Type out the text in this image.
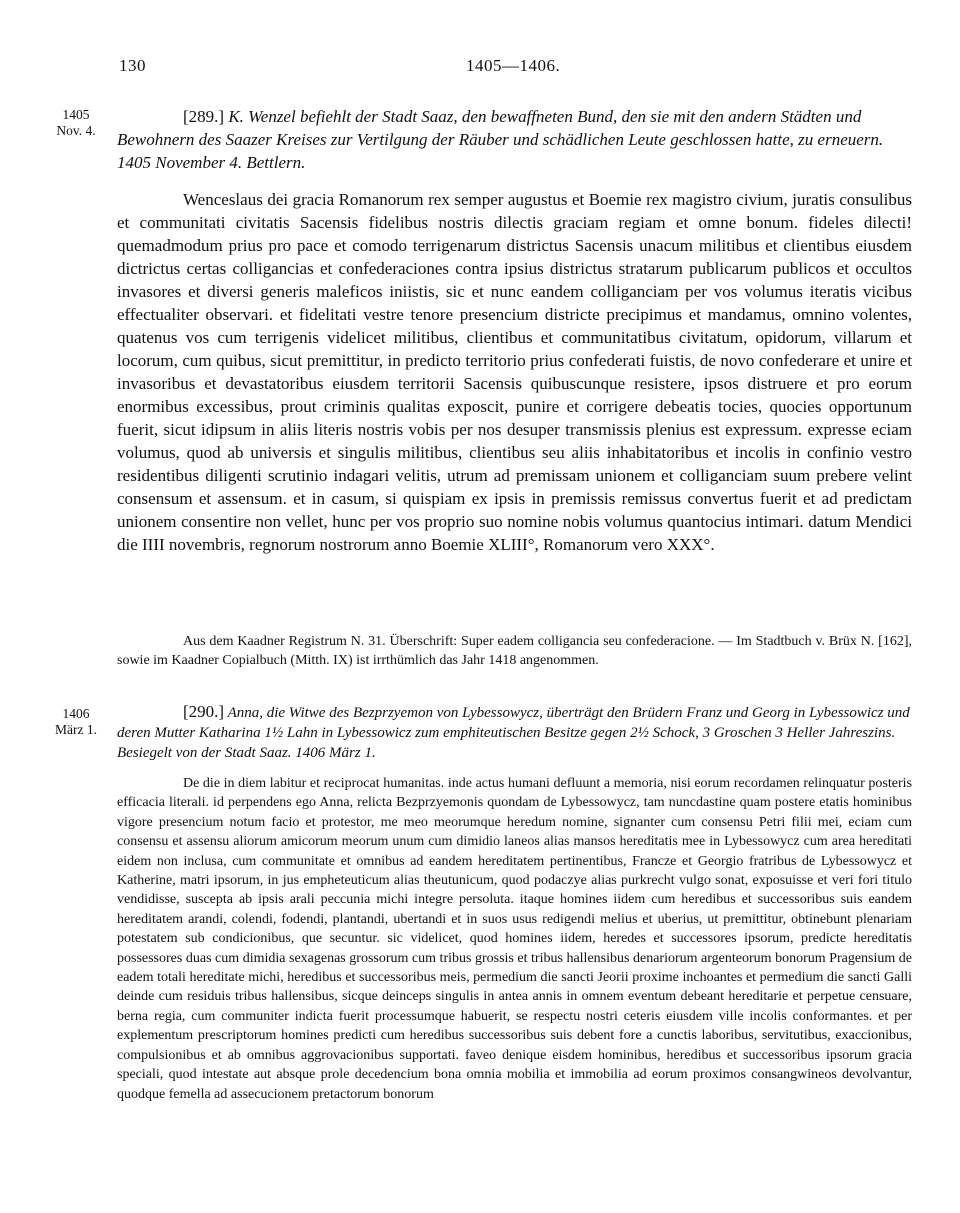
130	1405—1406.
1405
Nov. 4.
[289.] K. Wenzel befiehlt der Stadt Saaz, den bewaffneten Bund, den sie mit den andern Städten und Bewohnern des Saazer Kreises zur Vertilgung der Räuber und schädlichen Leute geschlossen hatte, zu erneuern. 1405 November 4. Bettlern.
Wenceslaus dei gracia Romanorum rex semper augustus et Boemie rex magistro civium, juratis consulibus et communitati civitatis Sacensis fidelibus nostris dilectis graciam regiam et omne bonum. fideles dilecti! quemadmodum prius pro pace et comodo terrigenarum districtus Sacensis unacum militibus et clientibus eiusdem dictrictus certas colligancias et confederaciones contra ipsius districtus stratarum publicarum publicos et occultos invasores et diversi generis maleficos iniistis, sic et nunc eandem colliganciam per vos volumus iteratis vicibus effectualiter observari. et fidelitati vestre tenore presencium districte precipimus et mandamus, omnino volentes, quatenus vos cum terrigenis videlicet militibus, clientibus et communitatibus civitatum, opidorum, villarum et locorum, cum quibus, sicut premittitur, in predicto territorio prius confederati fuistis, de novo confederare et unire et invasoribus et devastatoribus eiusdem territorii Sacensis quibuscunque resistere, ipsos distruere et pro eorum enormibus excessibus, prout criminis qualitas exposcit, punire et corrigere debeatis tocies, quocies opportunum fuerit, sicut idipsum in aliis literis nostris vobis per nos desuper transmissis plenius est expressum. expresse eciam volumus, quod ab universis et singulis militibus, clientibus seu aliis inhabitatoribus et incolis in confinio vestro residentibus diligenti scrutinio indagari velitis, utrum ad premissam unionem et colliganciam suum prebere velint consensum et assensum. et in casum, si quispiam ex ipsis in premissis remissus convertus fuerit et ad predictam unionem consentire non vellet, hunc per vos proprio suo nomine nobis volumus quantocius intimari. datum Mendici die IIII novembris, regnorum nostrorum anno Boemie XLIII°, Romanorum vero XXX°.
Aus dem Kaadner Registrum N. 31. Überschrift: Super eadem colligancia seu confederacione. — Im Stadtbuch v. Brüx N. [162], sowie im Kaadner Copialbuch (Mitth. IX) ist irrthümlich das Jahr 1418 angenommen.
1406
März 1.
[290.] Anna, die Witwe des Bezprzyemon von Lybessowycz, überträgt den Brüdern Franz und Georg in Lybessowicz und deren Mutter Katharina 1½ Lahn in Lybessowicz zum emphiteutischen Besitze gegen 2½ Schock, 3 Groschen 3 Heller Jahreszins. Besiegelt von der Stadt Saaz. 1406 März 1.
De die in diem labitur et reciprocat humanitas. inde actus humani defluunt a memoria, nisi eorum recordamen relinquatur posteris efficacia literali. id perpendens ego Anna, relicta Bezprzyemonis quondam de Lybessowycz, tam nuncdastine quam postere etatis hominibus vigore presencium notum facio et protestor, me meo meorumque heredum nomine, signanter cum consensu Petri filii mei, eciam cum consensu et assensu aliorum amicorum meorum unum cum dimidio laneos alias mansos hereditatis mee in Lybessowycz cum area hereditati eidem non inclusa, cum communitate et omnibus ad eandem hereditatem pertinentibus, Francze et Georgio fratribus de Lybessowycz et Katherine, matri ipsorum, in jus empheteuticum alias theutunicum, quod podaczye alias purkrecht vulgo sonat, exposuisse et veri fori titulo vendidisse, suscepta ab ipsis arali peccunia michi integre persoluta. itaque homines iidem cum heredibus et successoribus suis eandem hereditatem arandi, colendi, fodendi, plantandi, ubertandi et in suos usus redigendi melius et uberius, ut premittitur, obtinebunt plenariam potestatem sub condicionibus, que secuntur. sic videlicet, quod homines iidem, heredes et successores ipsorum, predicte hereditatis possessores duas cum dimidia sexagenas grossorum cum tribus grossis et tribus hallensibus denariorum argenteorum bonorum Pragensium de eadem totali hereditate michi, heredibus et successoribus meis, permedium die sancti Jeorii proxime inchoantes et permedium die sancti Galli deinde cum residuis tribus hallensibus, sicque deinceps singulis in antea annis in omnem eventum debeant hereditarie et perpetue censuare, berna regia, cum communiter indicta fuerit processumque habuerit, se respectu nostri ceteris eiusdem ville incolis conformantes. et per explementum prescriptorum homines predicti cum heredibus successoribus suis debent fore a cunctis laboribus, servitutibus, exaccionibus, compulsionibus et ab omnibus aggrovacionibus supportati. faveo denique eisdem hominibus, heredibus et successoribus ipsorum gracia speciali, quod intestate aut absque prole decedencium bona omnia mobilia et immobilia ad eorum proximos consangwineos devolvantur, quodque femella ad assecucionem pretactorum bonorum
